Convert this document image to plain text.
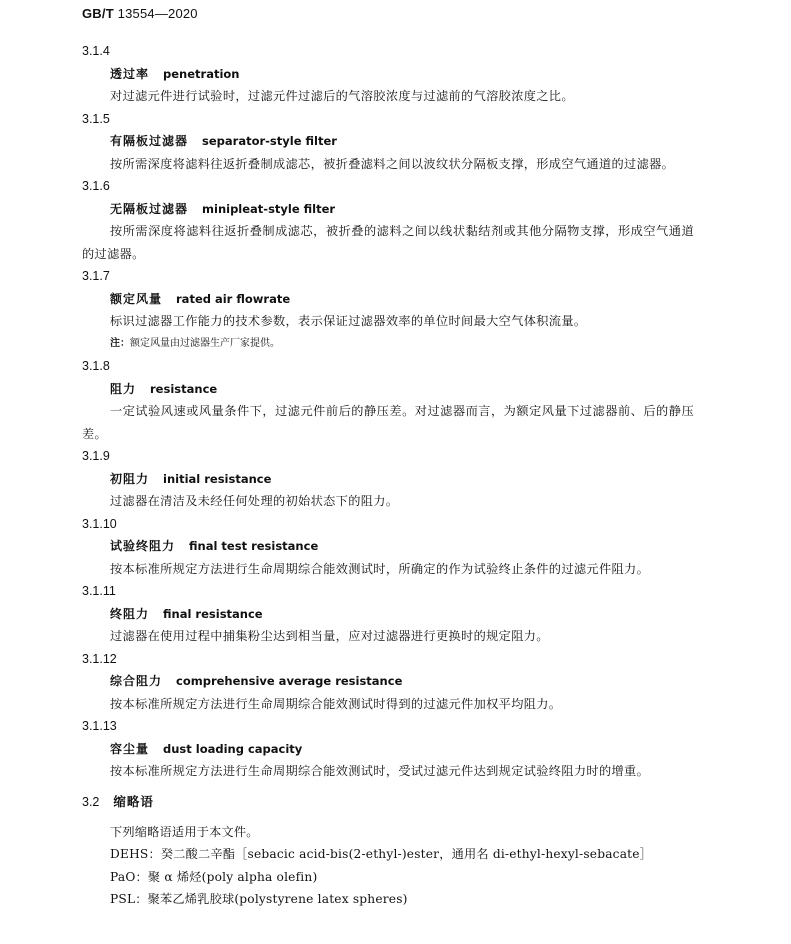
GB/T 13554—2020
3.1.4
透过率 penetration
对过滤元件进行试验时，过滤元件过滤后的气溶胶浓度与过滤前的气溶胶浓度之比。
3.1.5
有隔板过滤器 separator-style filter
按所需深度将滤料往返折叠制成滤芯，被折叠滤料之间以波纹状分隔板支撑，形成空气通道的过滤器。
3.1.6
无隔板过滤器 minipleat-style filter
按所需深度将滤料往返折叠制成滤芯，被折叠的滤料之间以线状黏结剂或其他分隔物支撑，形成空气通道的过滤器。
3.1.7
额定风量 rated air flowrate
标识过滤器工作能力的技术参数，表示保证过滤器效率的单位时间最大空气体积流量。
注：额定风量由过滤器生产厂家提供。
3.1.8
阻力 resistance
一定试验风速或风量条件下，过滤元件前后的静压差。对过滤器而言，为额定风量下过滤器前、后的静压差。
3.1.9
初阻力 initial resistance
过滤器在清洁及未经任何处理的初始状态下的阻力。
3.1.10
试验终阻力 final test resistance
按本标准所规定方法进行生命周期综合能效测试时，所确定的作为试验终止条件的过滤元件阻力。
3.1.11
终阻力 final resistance
过滤器在使用过程中捕集粉尘达到相当量，应对过滤器进行更换时的规定阻力。
3.1.12
综合阻力 comprehensive average resistance
按本标准所规定方法进行生命周期综合能效测试时得到的过滤元件加权平均阻力。
3.1.13
容尘量 dust loading capacity
按本标准所规定方法进行生命周期综合能效测试时，受试过滤元件达到规定试验终阻力时的增重。
3.2 缩略语
下列缩略语适用于本文件。
DEHS：癸二酸二辛酯［sebacic acid-bis(2-ethyl-)ester，通用名 di-ethyl-hexyl-sebacate］
PaO：聚 α 烯烃(poly alpha olefin)
PSL：聚苯乙烯乳胶球(polystyrene latex spheres)
